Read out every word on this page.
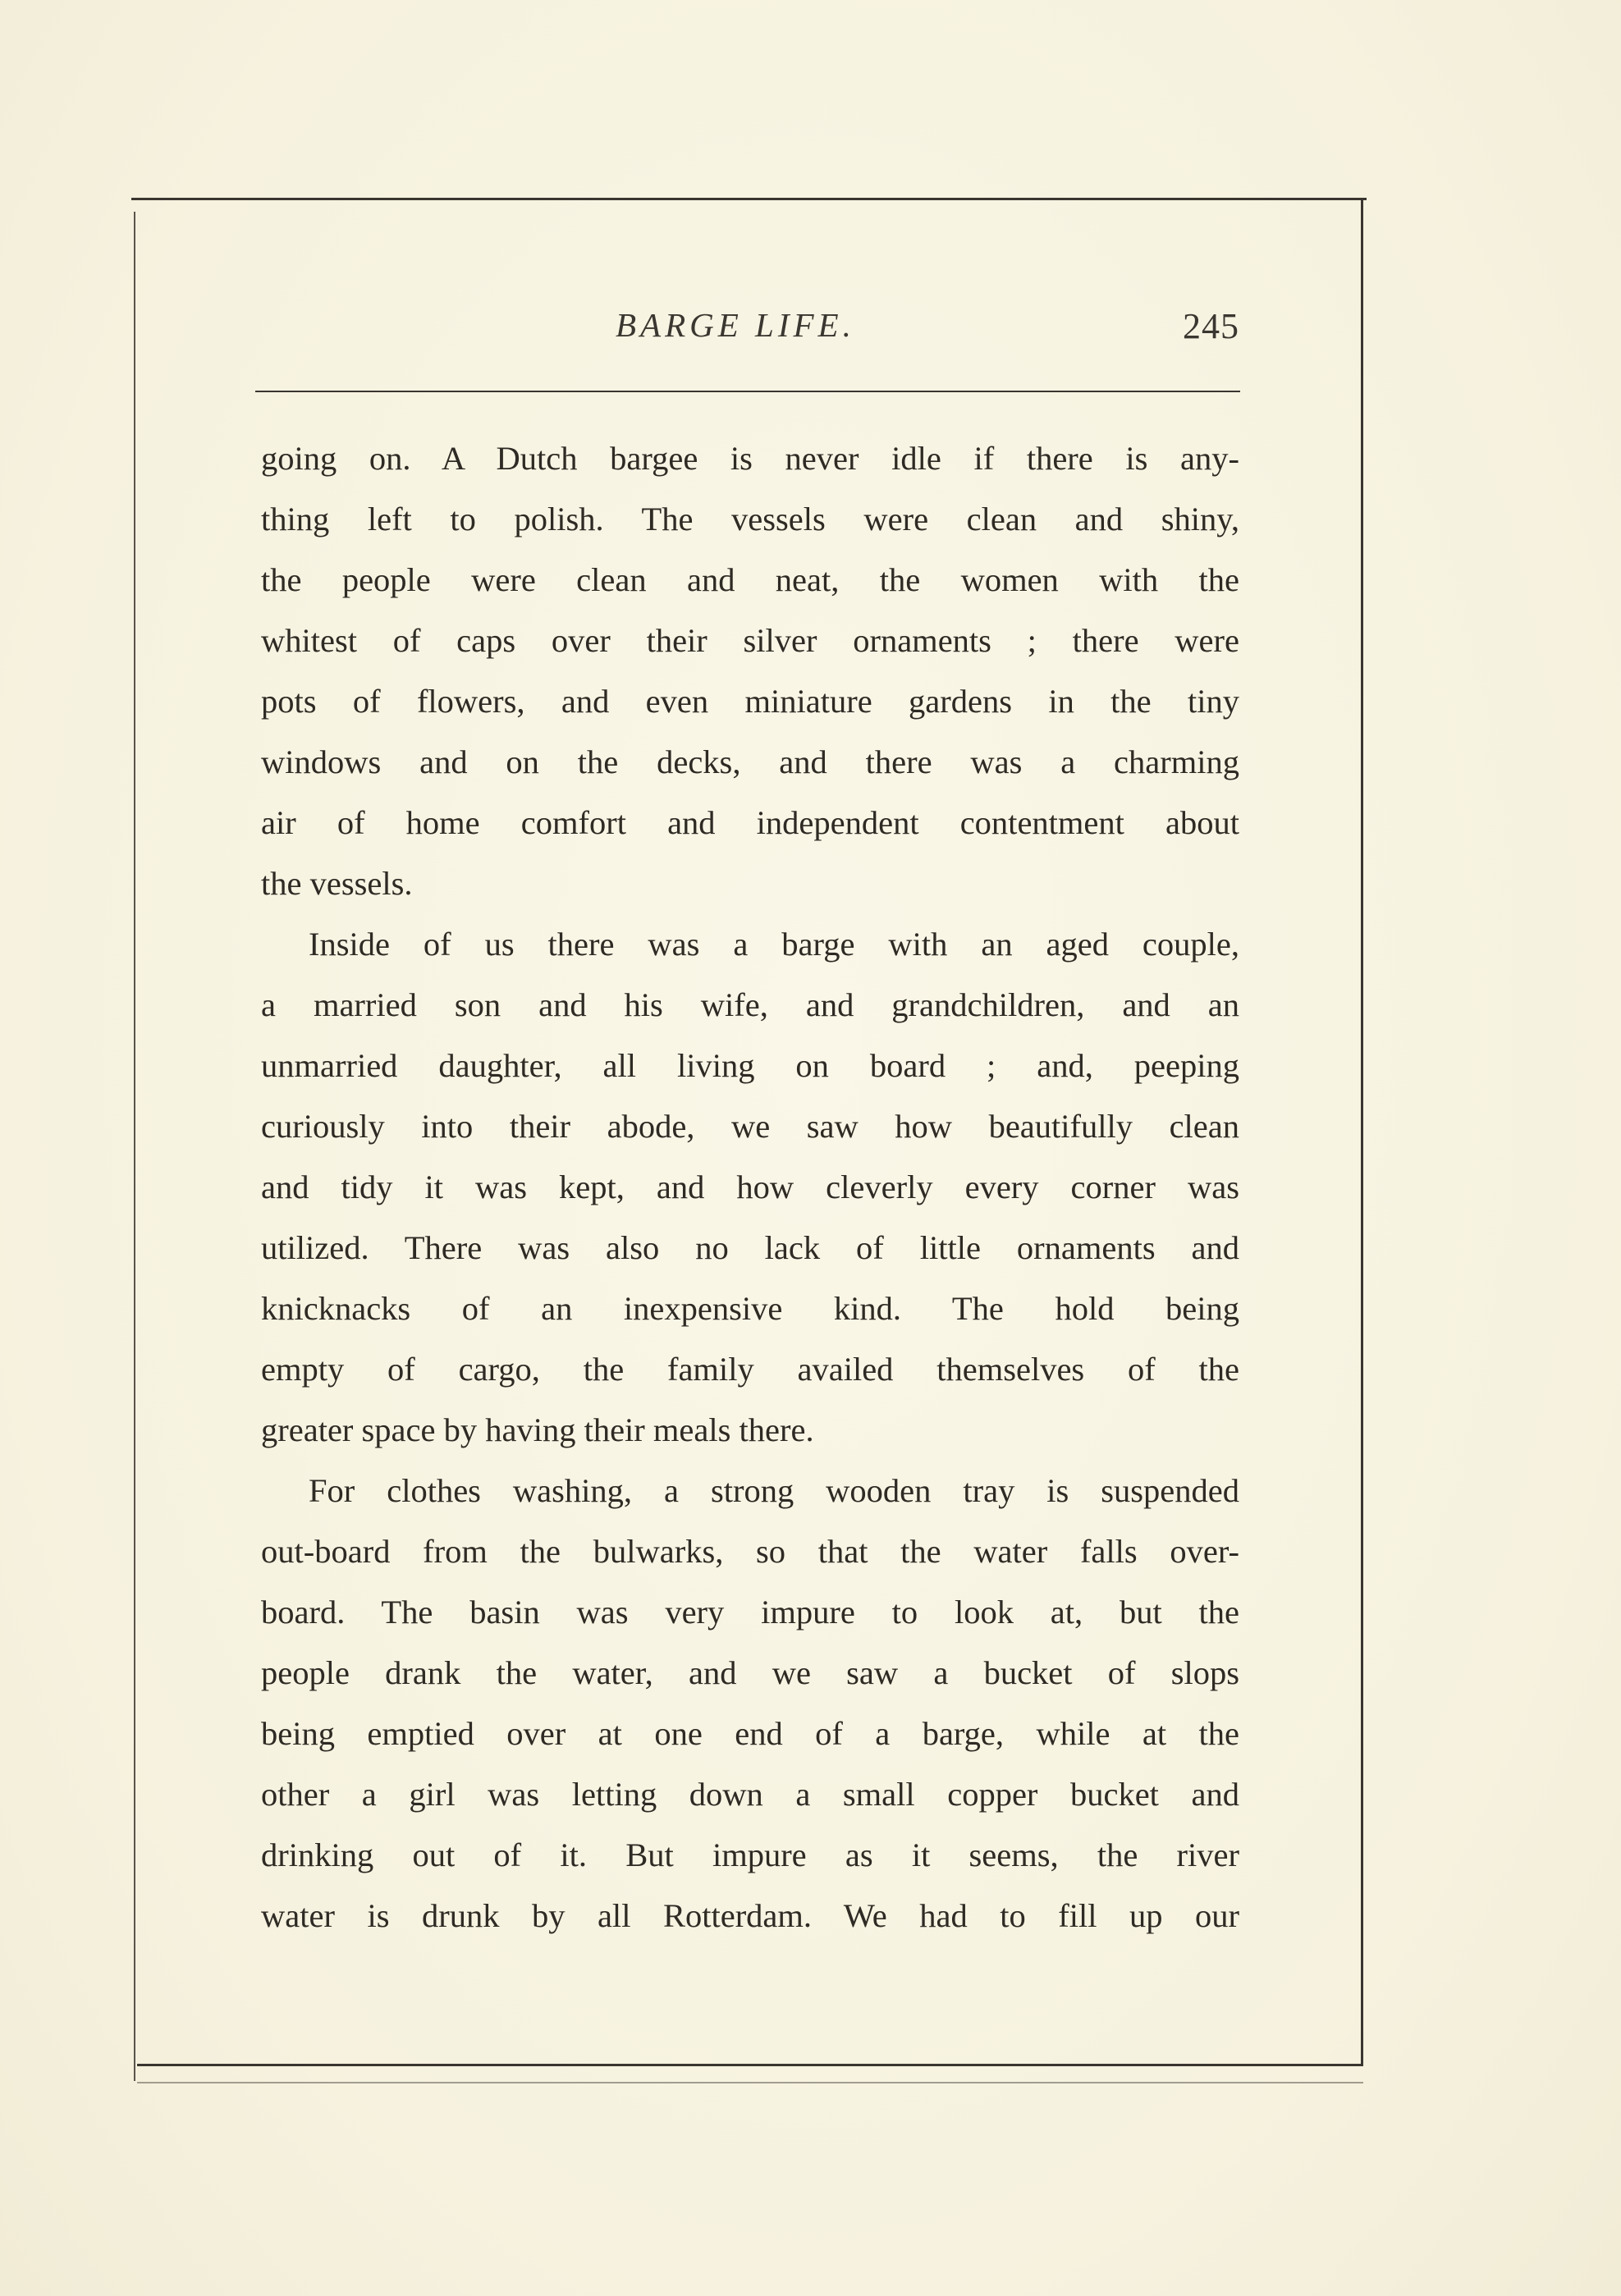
BARGE LIFE.	245
going on. A Dutch bargee is never idle if there is any-
thing left to polish. The vessels were clean and shiny,
the people were clean and neat, the women with the
whitest of caps over their silver ornaments ; there were
pots of flowers, and even miniature gardens in the tiny
windows and on the decks, and there was a charming
air of home comfort and independent contentment about
the vessels.
Inside of us there was a barge with an aged couple,
a married son and his wife, and grandchildren, and an
unmarried daughter, all living on board ; and, peeping
curiously into their abode, we saw how beautifully clean
and tidy it was kept, and how cleverly every corner was
utilized. There was also no lack of little ornaments and
knicknacks of an inexpensive kind. The hold being
empty of cargo, the family availed themselves of the
greater space by having their meals there.
For clothes washing, a strong wooden tray is suspended
out-board from the bulwarks, so that the water falls over-
board. The basin was very impure to look at, but the
people drank the water, and we saw a bucket of slops
being emptied over at one end of a barge, while at the
other a girl was letting down a small copper bucket and
drinking out of it. But impure as it seems, the river
water is drunk by all Rotterdam. We had to fill up our
